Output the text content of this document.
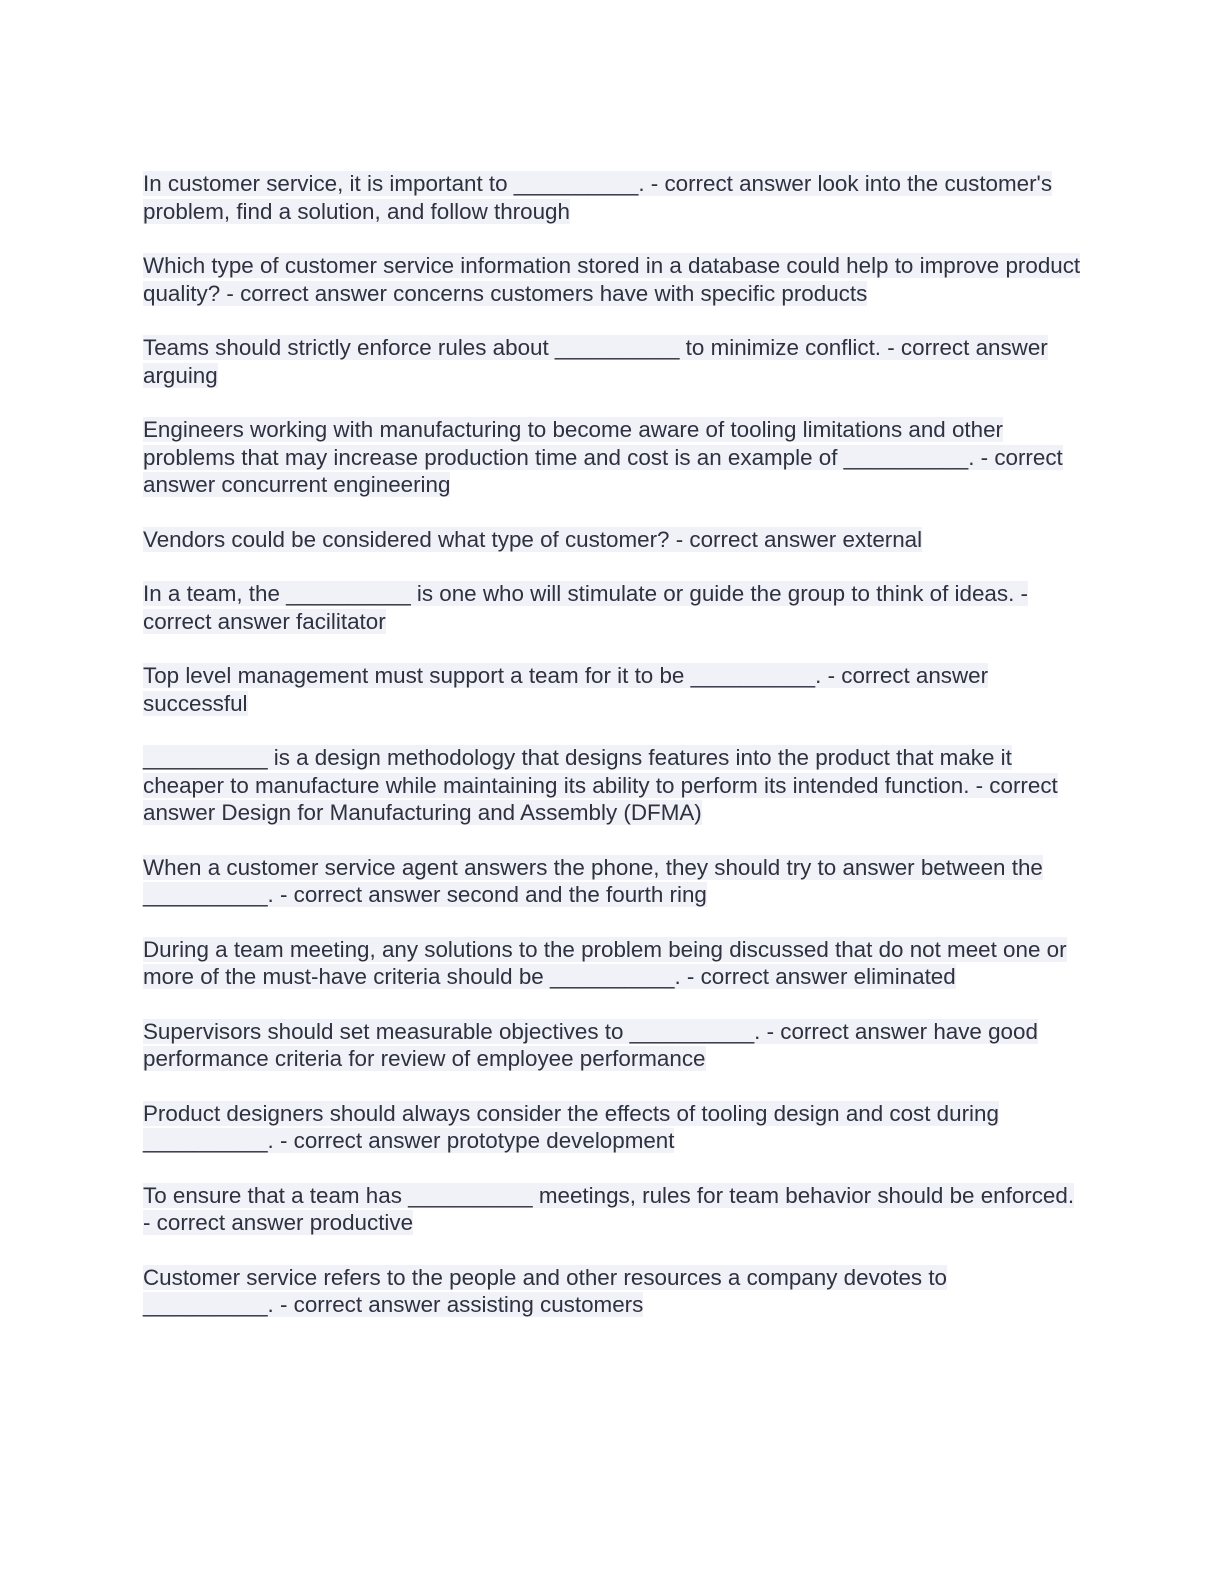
In customer service, it is important to __________. - correct answer look into the customer's problem, find a solution, and follow through

Which type of customer service information stored in a database could help to improve product quality? - correct answer concerns customers have with specific products

Teams should strictly enforce rules about __________ to minimize conflict. - correct answer arguing

Engineers working with manufacturing to become aware of tooling limitations and other problems that may increase production time and cost is an example of __________. - correct answer concurrent engineering

Vendors could be considered what type of customer? - correct answer external

In a team, the __________ is one who will stimulate or guide the group to think of ideas. - correct answer facilitator

Top level management must support a team for it to be __________. - correct answer successful

__________ is a design methodology that designs features into the product that make it cheaper to manufacture while maintaining its ability to perform its intended function. - correct answer Design for Manufacturing and Assembly (DFMA)

When a customer service agent answers the phone, they should try to answer between the __________. - correct answer second and the fourth ring

During a team meeting, any solutions to the problem being discussed that do not meet one or more of the must-have criteria should be __________. - correct answer eliminated

Supervisors should set measurable objectives to __________. - correct answer have good performance criteria for review of employee performance

Product designers should always consider the effects of tooling design and cost during __________. - correct answer prototype development

To ensure that a team has __________ meetings, rules for team behavior should be enforced. - correct answer productive

Customer service refers to the people and other resources a company devotes to __________. - correct answer assisting customers
